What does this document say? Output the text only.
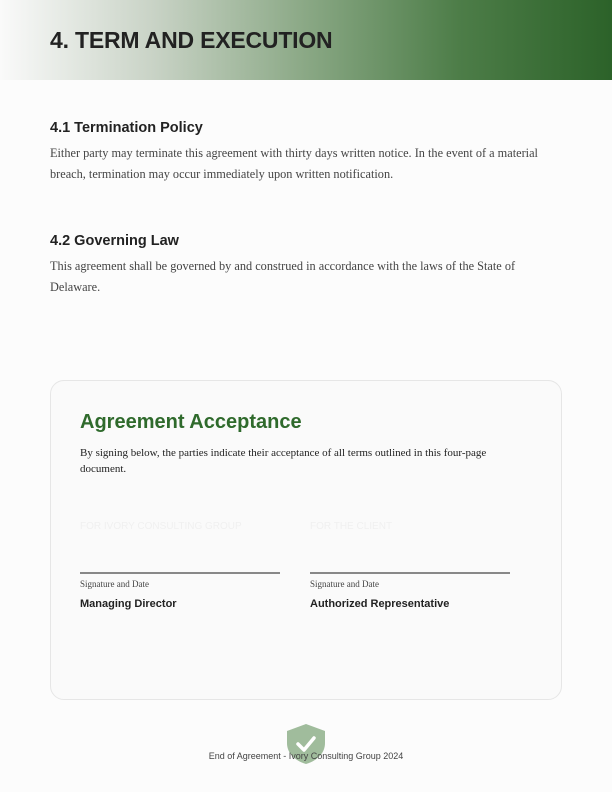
4. TERM AND EXECUTION
4.1 Termination Policy

Either party may terminate this agreement with thirty days written notice. In the event of a material breach, termination may occur immediately upon written notification.

4.2 Governing Law

This agreement shall be governed by and construed in accordance with the laws of the State of Delaware.

Agreement Acceptance
By signing below, the parties indicate their acceptance of all terms outlined in this four-page document.
FOR IVORY CONSULTING GROUP
Signature and Date
Managing Director
FOR THE CLIENT
Signature and Date
Authorized Representative
End of Agreement - Ivory Consulting Group 2024
